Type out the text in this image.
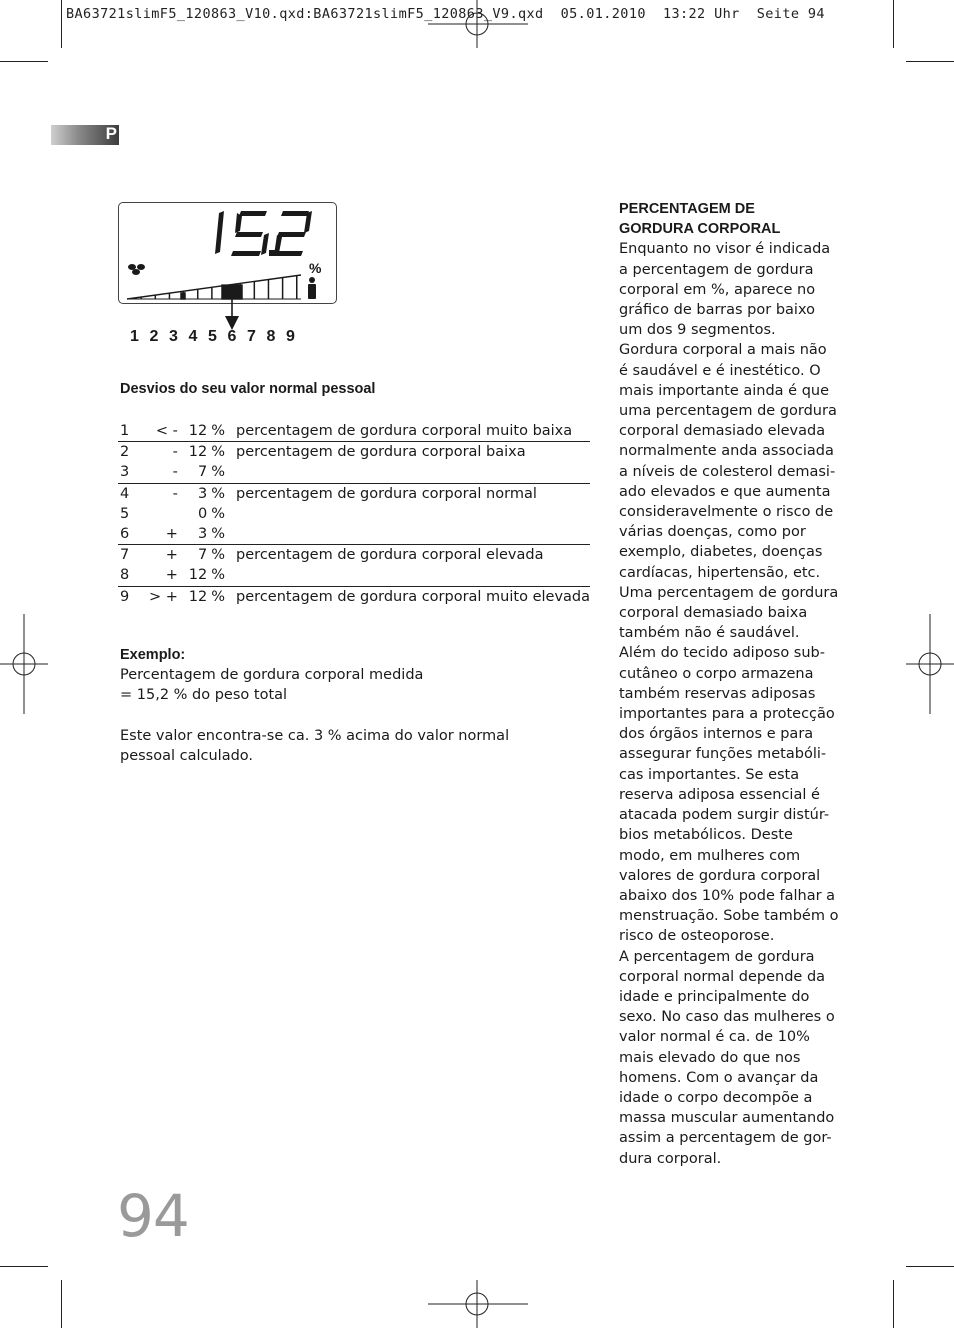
BA63721slimF5_120863_V10.qxd:BA63721slimF5_120863_V9.qxd  05.01.2010  13:22 Uhr  Seite 94
P
%
1 2 3 4 5 6 7 8 9
Desvios do seu valor normal pessoal
1	< -	12	%	percentagem de gordura corporal muito baixa
2	-	12	%	percentagem de gordura corporal baixa
3	-	7	%	
4	-	3	%	percentagem de gordura corporal normal
5		0	%	
6	+	3	%	
7	+	7	%	percentagem de gordura corporal elevada
8	+	12	%	
9	> +	12	%	percentagem de gordura corporal muito elevada
Exemplo:
Percentagem de gordura corporal medida
= 15,2 % do peso total
Este valor encontra-se ca. 3 % acima do valor normal
pessoal calculado.
PERCENTAGEM DE
GORDURA CORPORAL
Enquanto no visor é indicada
a percentagem de gordura
corporal em %, aparece no
gráfico de barras por baixo
um dos 9 segmentos.
Gordura corporal a mais não
é saudável e é inestético. O
mais importante ainda é que
uma percentagem de gordura
corporal demasiado elevada
normalmente anda associada
a níveis de colesterol demasi-
ado elevados e que aumenta
consideravelmente o risco de
várias doenças, como por
exemplo, diabetes, doenças
cardíacas, hipertensão, etc.
Uma percentagem de gordura
corporal demasiado baixa
também não é saudável.
Além do tecido adiposo sub-
cutâneo o corpo armazena
também reservas adiposas
importantes para a protecção
dos órgãos internos e para
assegurar funções metabóli-
cas importantes. Se esta
reserva adiposa essencial é
atacada podem surgir distúr-
bios metabólicos. Deste
modo, em mulheres com
valores de gordura corporal
abaixo dos 10% pode falhar a
menstruação. Sobe também o
risco de osteoporose.
A percentagem de gordura
corporal normal depende da
idade e principalmente do
sexo. No caso das mulheres o
valor normal é ca. de 10%
mais elevado do que nos
homens. Com o avançar da
idade o corpo decompõe a
massa muscular aumentando
assim a percentagem de gor-
dura corporal.
94
